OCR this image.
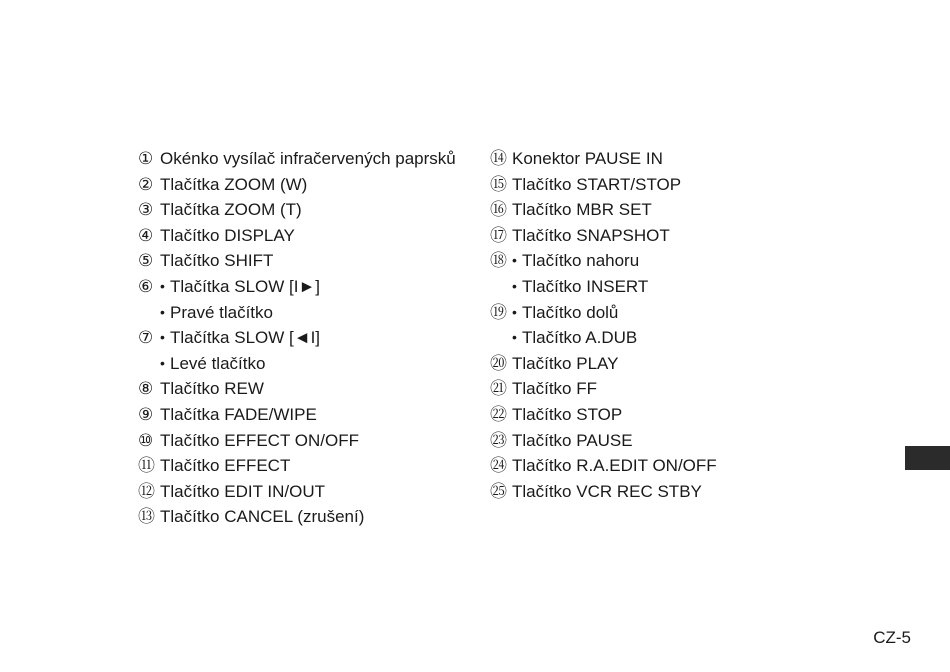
① Okénko vysílač infračervených paprsků
② Tlačítka ZOOM (W)
③ Tlačítka ZOOM (T)
④ Tlačítko DISPLAY
⑤ Tlačítko SHIFT
⑥ • Tlačítka SLOW [I►]
• Pravé tlačítko
⑦ • Tlačítka SLOW [◄I]
• Levé tlačítko
⑧ Tlačítko REW
⑨ Tlačítka FADE/WIPE
⑩ Tlačítko EFFECT ON/OFF
⑪ Tlačítko EFFECT
⑫ Tlačítko EDIT IN/OUT
⑬ Tlačítko CANCEL (zrušení)
⑭ Konektor PAUSE IN
⑮ Tlačítko START/STOP
⑯ Tlačítko MBR SET
⑰ Tlačítko SNAPSHOT
⑱ • Tlačítko nahoru
• Tlačítko INSERT
⑲ • Tlačítko dolů
• Tlačítko A.DUB
⑳ Tlačítko PLAY
㉑ Tlačítko FF
㉒ Tlačítko STOP
㉓ Tlačítko PAUSE
㉔ Tlačítko R.A.EDIT ON/OFF
㉕ Tlačítko VCR REC STBY
CZ-5
